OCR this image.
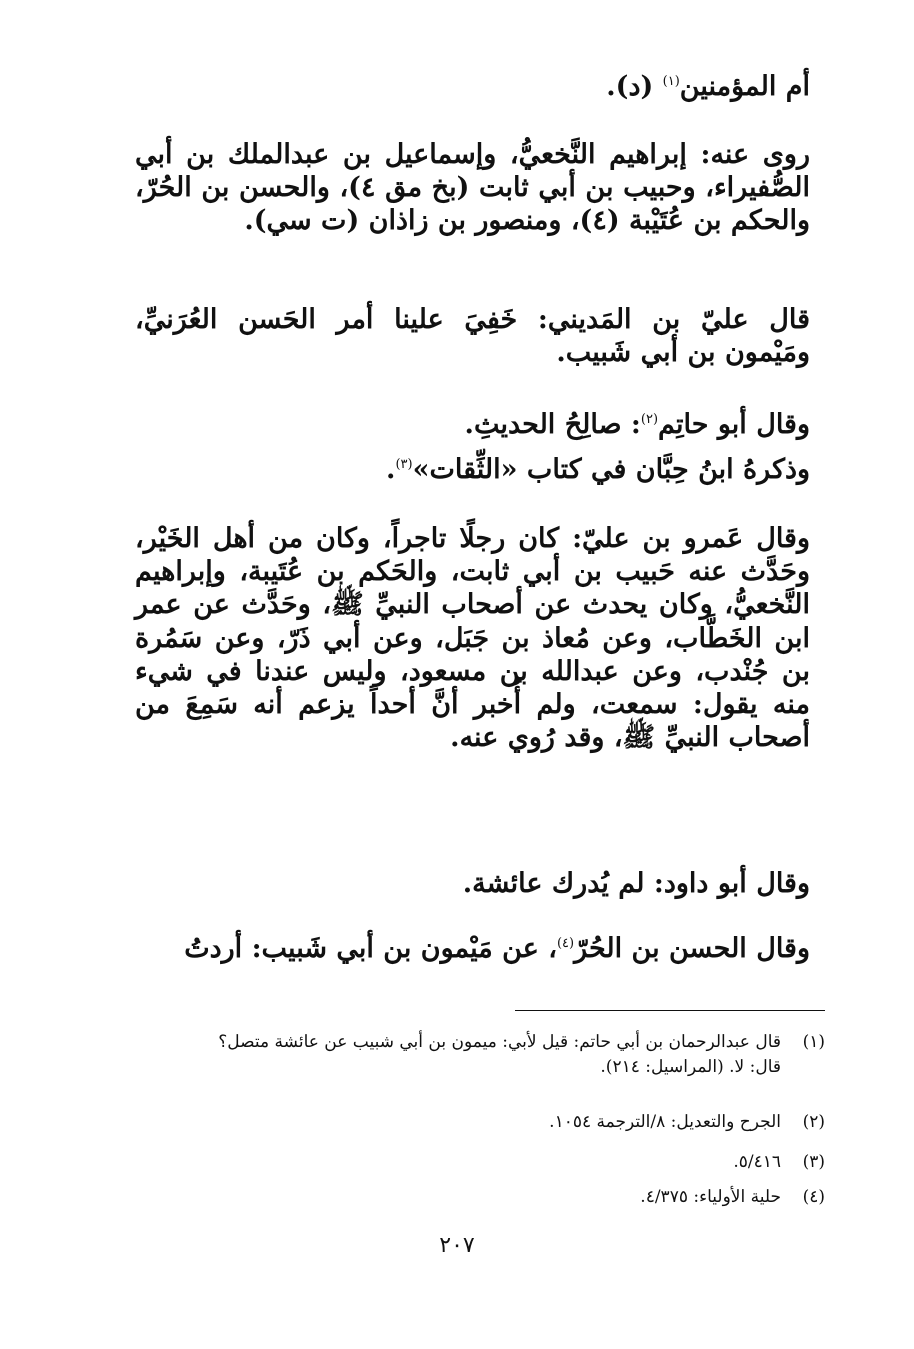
أم المؤمنين$^{(١)}$ (د).

روى عنه: إبراهيم النَّخعيُّ، وإسماعيل بن عبدالملك بن أبي الصُّفيراء، وحبيب بن أبي ثابت (بخ مق ٤)، والحسن بن الحُرّ، والحكم بن عُتَيْبة (٤)، ومنصور بن زاذان (ت سي).

قال عليّ بن المَديني: خَفِيَ علينا أمر الحَسن العُرَنيِّ، ومَيْمون بن أبي شَبيب.

وقال أبو حاتِم$^{(٢)}$: صالِحُ الحديثِ.

وذكرهُ ابنُ حِبَّان في كتاب «الثِّقات»$^{(٣)}$.

وقال عَمرو بن عليّ: كان رجلًا تاجراً، وكان من أهل الخَيْر، وحَدَّث عنه حَبيب بن أبي ثابت، والحَكم بن عُتَيبة، وإبراهيم النَّخعيُّ، وكان يحدث عن أصحاب النبيِّ ﷺ، وحَدَّث عن عمر ابن الخَطَّاب، وعن مُعاذ بن جَبَل، وعن أبي ذَرّ، وعن سَمُرة بن جُنْدب، وعن عبدالله بن مسعود، وليس عندنا في شيء منه يقول: سمعت، ولم أُخبر أنَّ أحداً يزعم أنه سَمِعَ من أصحاب النبيِّ ﷺ، وقد رُوي عنه.

وقال أبو داود: لم يُدرك عائشة.

وقال الحسن بن الحُرّ$^{(٤)}$، عن مَيْمون بن أبي شَبيب: أردتُ

(١)قال عبدالرحمان بن أبي حاتم: قيل لأبي: ميمون بن أبي شبيب عن عائشة متصل؟
قال: لا. (المراسيل: ٢١٤).

(٢)الجرح والتعديل: ٨/الترجمة ١٠٥٤.

(٣)٥/٤١٦.

(٤)حلية الأولياء: ٤/٣٧٥.

٢٠٧
